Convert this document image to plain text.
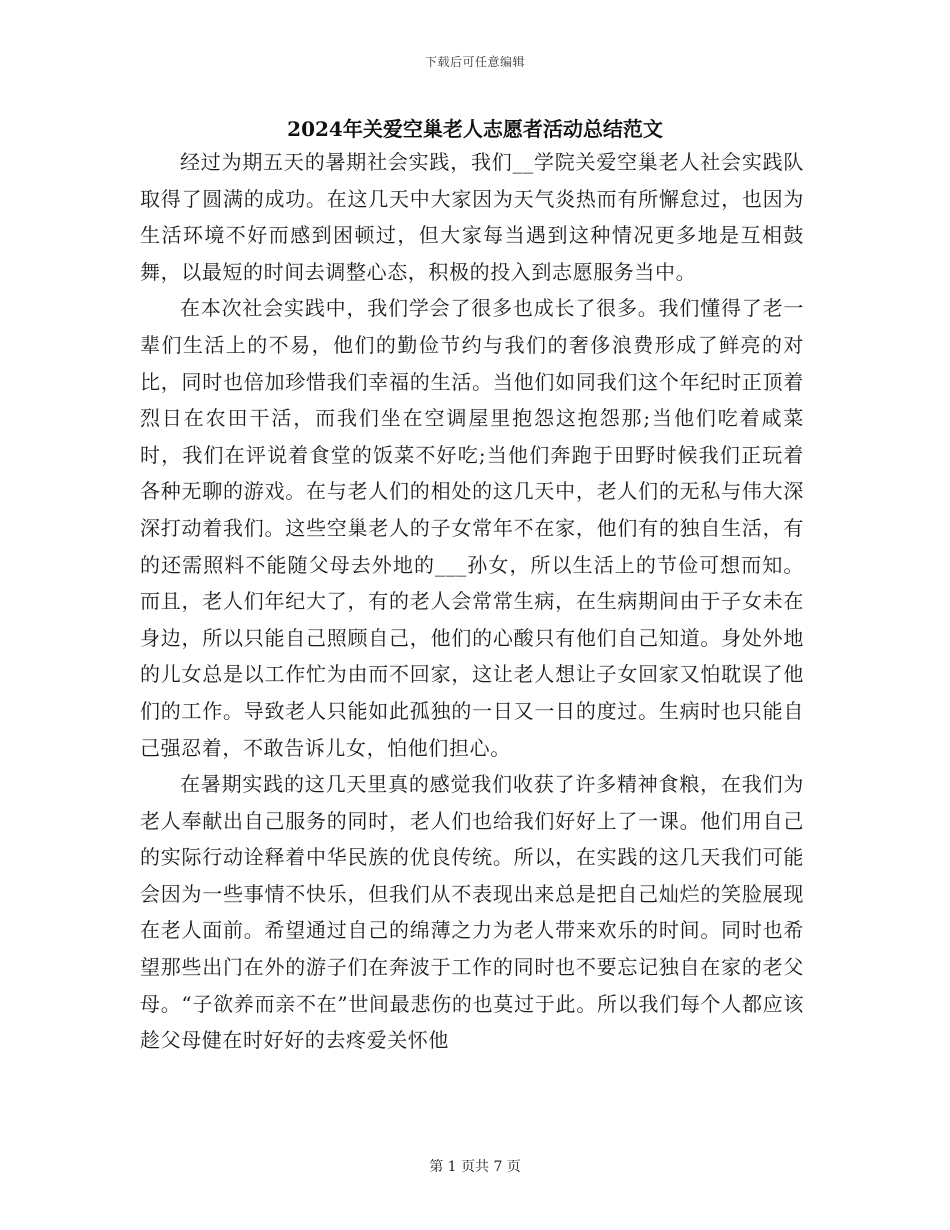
下载后可任意编辑
2024年关爱空巢老人志愿者活动总结范文

经过为期五天的暑期社会实践，我们__学院关爱空巢老人社会实践队取得了圆满的成功。在这几天中大家因为天气炎热而有所懈怠过，也因为生活环境不好而感到困顿过，但大家每当遇到这种情况更多地是互相鼓舞，以最短的时间去调整心态，积极的投入到志愿服务当中。

在本次社会实践中，我们学会了很多也成长了很多。我们懂得了老一辈们生活上的不易，他们的勤俭节约与我们的奢侈浪费形成了鲜亮的对比，同时也倍加珍惜我们幸福的生活。当他们如同我们这个年纪时正顶着烈日在农田干活，而我们坐在空调屋里抱怨这抱怨那;当他们吃着咸菜时，我们在评说着食堂的饭菜不好吃;当他们奔跑于田野时候我们正玩着各种无聊的游戏。在与老人们的相处的这几天中，老人们的无私与伟大深深打动着我们。这些空巢老人的子女常年不在家，他们有的独自生活，有的还需照料不能随父母去外地的___孙女，所以生活上的节俭可想而知。而且，老人们年纪大了，有的老人会常常生病，在生病期间由于子女未在身边，所以只能自己照顾自己，他们的心酸只有他们自己知道。身处外地的儿女总是以工作忙为由而不回家，这让老人想让子女回家又怕耽误了他们的工作。导致老人只能如此孤独的一日又一日的度过。生病时也只能自己强忍着，不敢告诉儿女，怕他们担心。

在暑期实践的这几天里真的感觉我们收获了许多精神食粮，在我们为老人奉献出自己服务的同时，老人们也给我们好好上了一课。他们用自己的实际行动诠释着中华民族的优良传统。所以，在实践的这几天我们可能会因为一些事情不快乐，但我们从不表现出来总是把自己灿烂的笑脸展现在老人面前。希望通过自己的绵薄之力为老人带来欢乐的时间。同时也希望那些出门在外的游子们在奔波于工作的同时也不要忘记独自在家的老父母。“子欲养而亲不在”世间最悲伤的也莫过于此。所以我们每个人都应该趁父母健在时好好的去疼爱关怀他

第 1 页共 7 页
